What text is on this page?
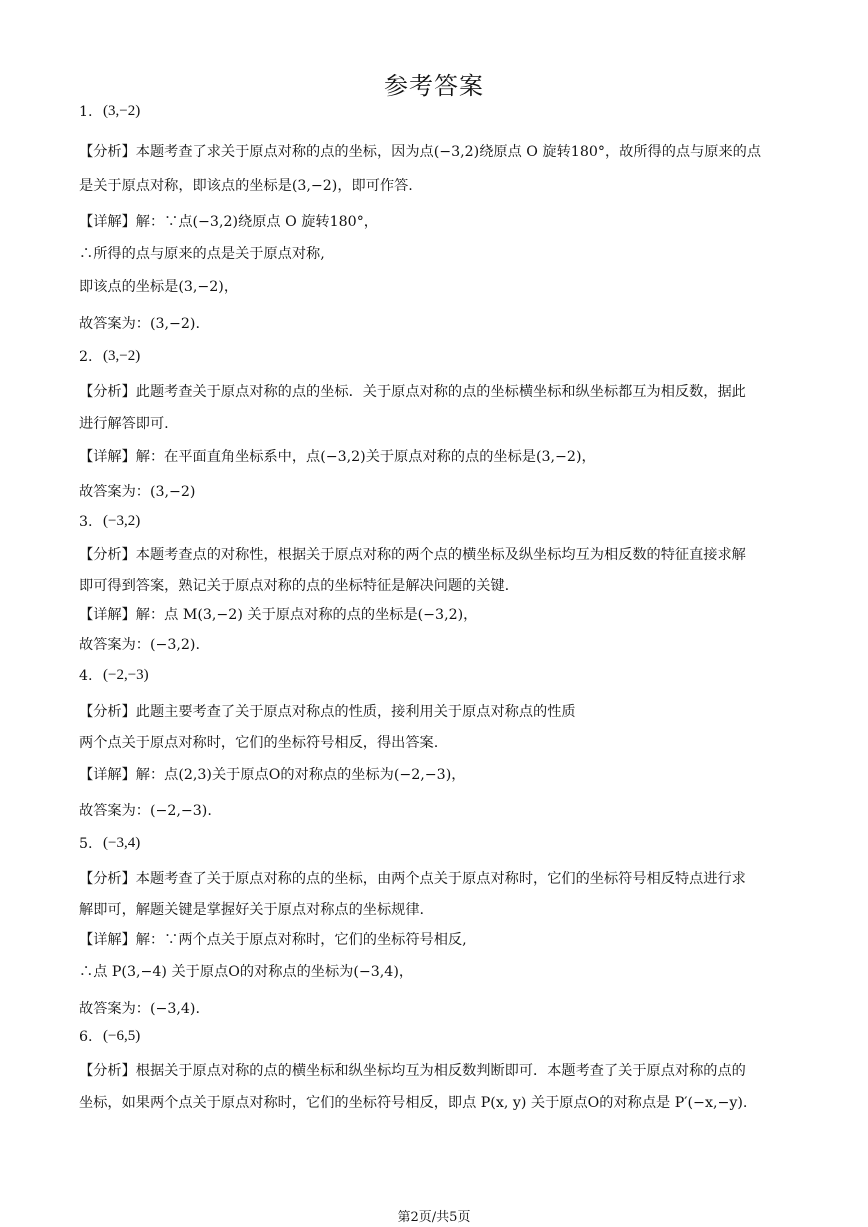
参考答案
1. (3,−2)
【分析】本题考查了求关于原点对称的点的坐标，因为点(−3,2)绕原点 O 旋转180°，故所得的点与原来的点
是关于原点对称，即该点的坐标是(3,−2)，即可作答.
【详解】解：∵点(−3,2)绕原点 O 旋转180°，
∴所得的点与原来的点是关于原点对称,
即该点的坐标是(3,−2)，
故答案为：(3,−2).
2. (3,−2)
【分析】此题考查关于原点对称的点的坐标．关于原点对称的点的坐标横坐标和纵坐标都互为相反数，据此
进行解答即可.
【详解】解：在平面直角坐标系中，点(−3,2)关于原点对称的点的坐标是(3,−2)，
故答案为：(3,−2)
3. (−3,2)
【分析】本题考查点的对称性，根据关于原点对称的两个点的横坐标及纵坐标均互为相反数的特征直接求解
即可得到答案，熟记关于原点对称的点的坐标特征是解决问题的关键.
【详解】解：点 M(3,−2) 关于原点对称的点的坐标是(−3,2)，
故答案为：(−3,2).
4. (−2,−3)
【分析】此题主要考查了关于原点对称点的性质，接利用关于原点对称点的性质
两个点关于原点对称时，它们的坐标符号相反，得出答案.
【详解】解：点(2,3)关于原点O的对称点的坐标为(−2,−3)，
故答案为：(−2,−3).
5. (−3,4)
【分析】本题考查了关于原点对称的点的坐标，由两个点关于原点对称时，它们的坐标符号相反特点进行求
解即可，解题关键是掌握好关于原点对称点的坐标规律.
【详解】解：∵两个点关于原点对称时，它们的坐标符号相反,
∴点 P(3,−4) 关于原点O的对称点的坐标为(−3,4)，
故答案为：(−3,4).
6. (−6,5)
【分析】根据关于原点对称的点的横坐标和纵坐标均互为相反数判断即可．本题考查了关于原点对称的点的
坐标，如果两个点关于原点对称时，它们的坐标符号相反，即点 P(x, y) 关于原点O的对称点是 P′(−x,−y).
第2页/共5页
